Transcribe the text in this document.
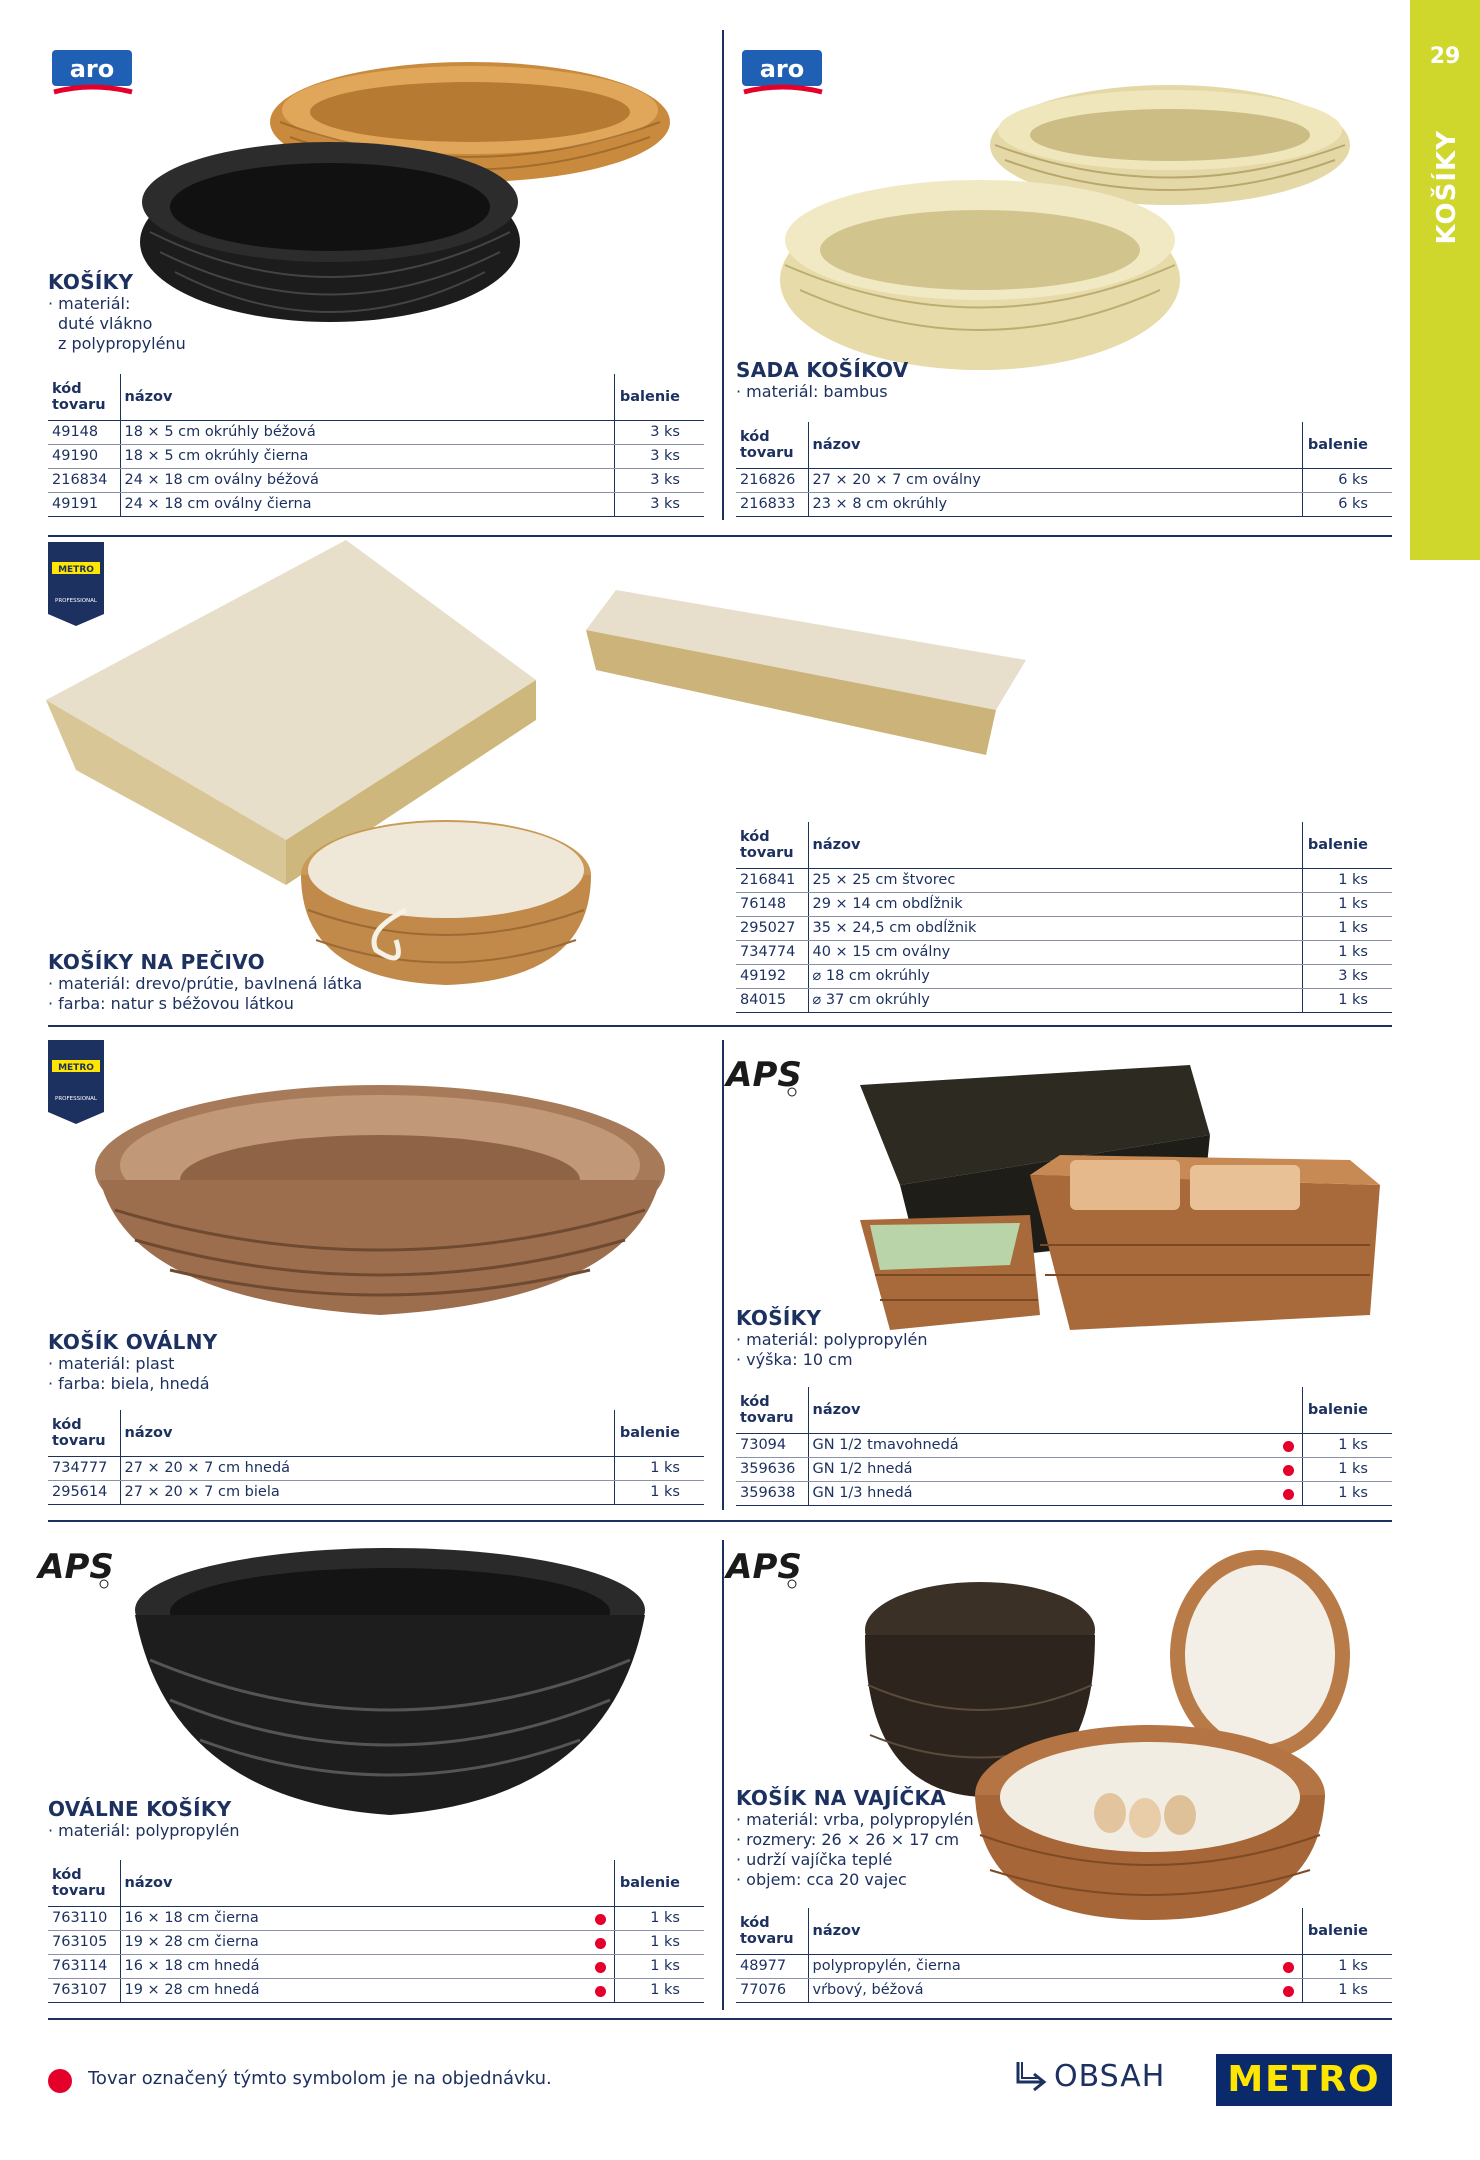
29
KOŠÍKY
aro
KOŠÍKY
· materiál:
duté vlákno
z polypropylénu
kód tovaru	názov	balenie
49148	18 × 5 cm okrúhly béžová	3 ks
49190	18 × 5 cm okrúhly čierna	3 ks
216834	24 × 18 cm oválny béžová	3 ks
49191	24 × 18 cm oválny čierna	3 ks
aro
SADA KOŠÍKOV
· materiál: bambus
kód tovaru	názov	balenie
216826	27 × 20 × 7 cm oválny	6 ks
216833	23 × 8 cm okrúhly	6 ks
METRO
PROFESSIONAL
KOŠÍKY NA PEČIVO
· materiál: drevo/prútie, bavlnená látka
· farba: natur s béžovou látkou
kód tovaru	názov	balenie
216841	25 × 25 cm štvorec	1 ks
76148	29 × 14 cm obdĺžnik	1 ks
295027	35 × 24,5 cm obdĺžnik	1 ks
734774	40 × 15 cm oválny	1 ks
49192	⌀ 18 cm okrúhly	3 ks
84015	⌀ 37 cm okrúhly	1 ks
METRO
PROFESSIONAL
KOŠÍK OVÁLNY
· materiál: plast
· farba: biela, hnedá
kód tovaru	názov	balenie
734777	27 × 20 × 7 cm hnedá	1 ks
295614	27 × 20 × 7 cm biela	1 ks
APS
KOŠÍKY
· materiál: polypropylén
· výška: 10 cm
kód tovaru	názov	balenie
73094	GN 1/2 tmavohnedá	1 ks
359636	GN 1/2 hnedá	1 ks
359638	GN 1/3 hnedá	1 ks
APS
OVÁLNE KOŠÍKY
· materiál: polypropylén
kód tovaru	názov	balenie
763110	16 × 18 cm čierna	1 ks
763105	19 × 28 cm čierna	1 ks
763114	16 × 18 cm hnedá	1 ks
763107	19 × 28 cm hnedá	1 ks
APS
KOŠÍK NA VAJÍČKA
· materiál: vrba, polypropylén
· rozmery: 26 × 26 × 17 cm
· udrží vajíčka teplé
· objem: cca 20 vajec
kód tovaru	názov	balenie
48977	polypropylén, čierna	1 ks
77076	vŕbový, béžová	1 ks
Tovar označený týmto symbolom je na objednávku.	OBSAH	METRO
